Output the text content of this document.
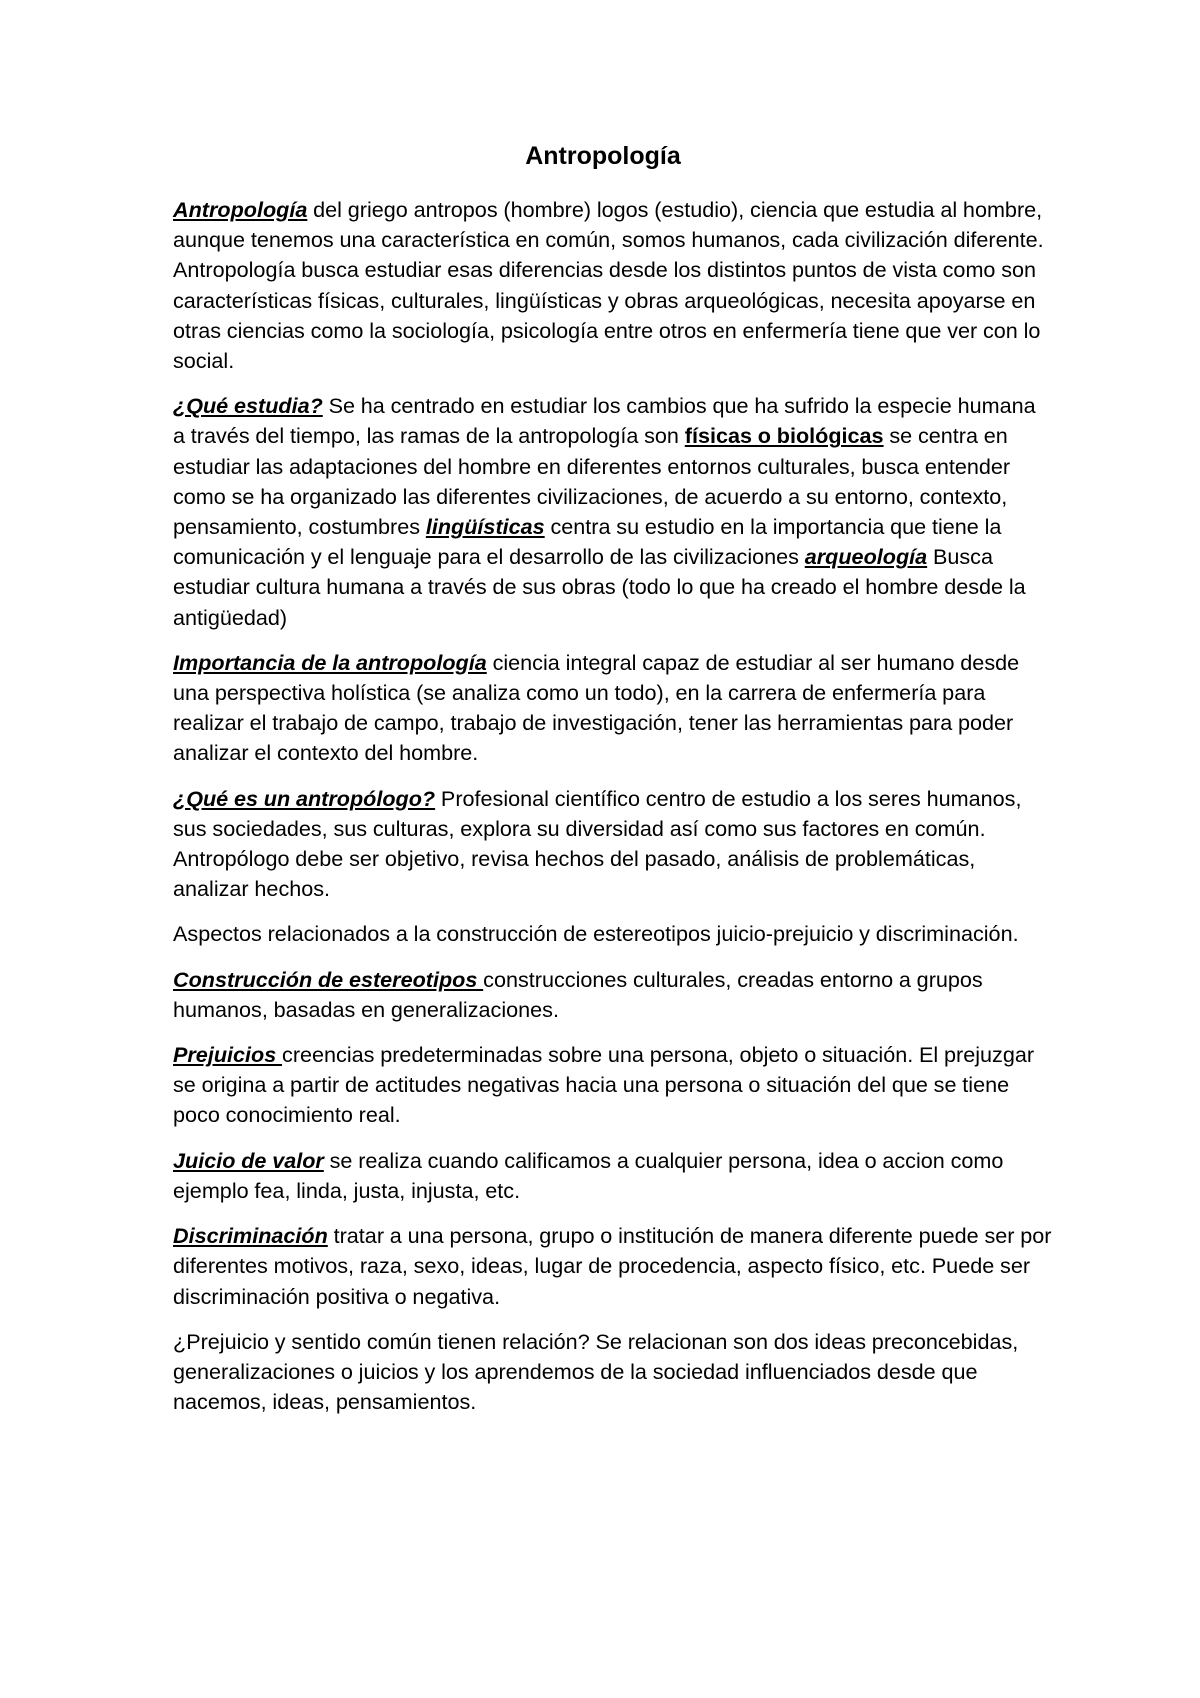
Antropología

Antropología del griego antropos (hombre) logos (estudio), ciencia que estudia al hombre, aunque tenemos una característica en común, somos humanos, cada civilización diferente. Antropología busca estudiar esas diferencias desde los distintos puntos de vista como son características físicas, culturales, lingüísticas y obras arqueológicas, necesita apoyarse en otras ciencias como la sociología, psicología entre otros en enfermería tiene que ver con lo social.

¿Qué estudia? Se ha centrado en estudiar los cambios que ha sufrido la especie humana a través del tiempo, las ramas de la antropología son físicas o biológicas se centra en estudiar las adaptaciones del hombre en diferentes entornos culturales, busca entender como se ha organizado las diferentes civilizaciones, de acuerdo a su entorno, contexto, pensamiento, costumbres lingüísticas centra su estudio en la importancia que tiene la comunicación y el lenguaje para el desarrollo de las civilizaciones arqueología Busca estudiar cultura humana a través de sus obras (todo lo que ha creado el hombre desde la antigüedad)

Importancia de la antropología ciencia integral capaz de estudiar al ser humano desde una perspectiva holística (se analiza como un todo), en la carrera de enfermería para realizar el trabajo de campo, trabajo de investigación, tener las herramientas para poder analizar el contexto del hombre.

¿Qué es un antropólogo? Profesional científico centro de estudio a los seres humanos, sus sociedades, sus culturas, explora su diversidad así como sus factores en común. Antropólogo debe ser objetivo, revisa hechos del pasado, análisis de problemáticas, analizar hechos.

Aspectos relacionados a la construcción de estereotipos juicio-prejuicio y discriminación.

Construcción de estereotipos construcciones culturales, creadas entorno a grupos humanos, basadas en generalizaciones.

Prejuicios creencias predeterminadas sobre una persona, objeto o situación. El prejuzgar se origina a partir de actitudes negativas hacia una persona o situación del que se tiene poco conocimiento real.

Juicio de valor se realiza cuando calificamos a cualquier persona, idea o accion como ejemplo fea, linda, justa, injusta, etc.

Discriminación tratar a una persona, grupo o institución de manera diferente puede ser por diferentes motivos, raza, sexo, ideas, lugar de procedencia, aspecto físico, etc. Puede ser discriminación positiva o negativa.

¿Prejuicio y sentido común tienen relación? Se relacionan son dos ideas preconcebidas, generalizaciones o juicios y los aprendemos de la sociedad influenciados desde que nacemos, ideas, pensamientos.
